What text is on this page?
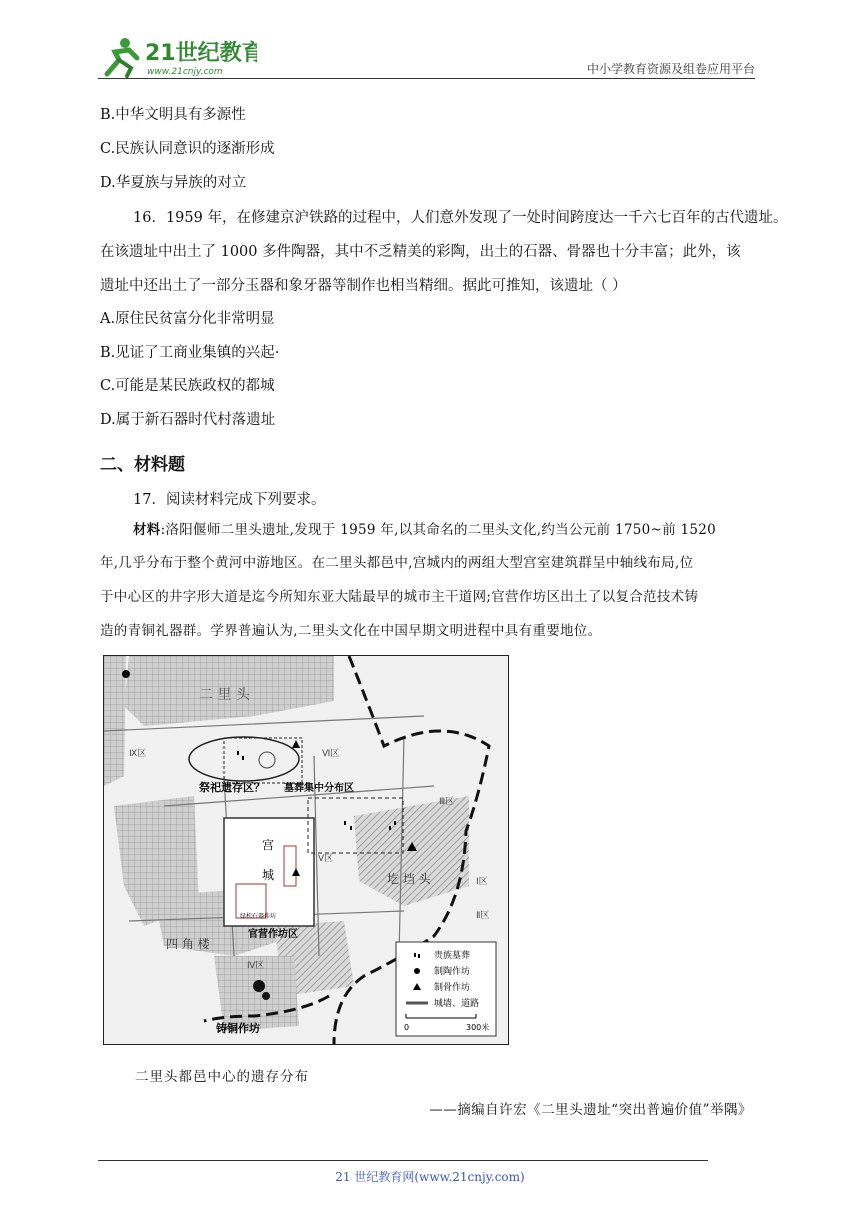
21世纪教育
www.21cnjy.com	中小学教育资源及组卷应用平台
B.中华文明具有多源性
C.民族认同意识的逐渐形成
D.华夏族与异族的对立
16．1959 年，在修建京沪铁路的过程中，人们意外发现了一处时间跨度达一千六七百年的古代遗址。
在该遗址中出土了 1000 多件陶器，其中不乏精美的彩陶，出土的石器、骨器也十分丰富；此外，该
遗址中还出土了一部分玉器和象牙器等制作也相当精细。据此可推知，该遗址（ ）
A.原住民贫富分化非常明显
B.见证了工商业集镇的兴起·
C.可能是某民族政权的都城
D.属于新石器时代村落遗址
二、材料题
17．阅读材料完成下列要求。
材料:洛阳偃师二里头遗址,发现于 1959 年,以其命名的二里头文化,约当公元前 1750~前 1520
年,几乎分布于整个黄河中游地区。在二里头都邑中,宫城内的两组大型宫室建筑群呈中轴线布局,位
于中心区的井字形大道是迄今所知东亚大陆最早的城市主干道网;官营作坊区出土了以复合范技术铸
造的青铜礼器群。学界普遍认为,二里头文化在中国早期文明进程中具有重要地位。
二 里 头
祭祀遗存区？ 墓葬集中分布区
宫
城	圪 垱 头
四 角 楼
官营作坊区
铸铜作坊
绿松石器作坊
Ⅸ区	Ⅵ区
Ⅲ区
Ⅴ区
Ⅱ区
Ⅰ区
Ⅳ区
贵族墓葬
制陶作坊
制骨作坊
城墙、道路
0	300米
二里头都邑中心的遗存分布
——摘编自许宏《二里头遗址“突出普遍价值”举隅》
21 世纪教育网(www.21cnjy.com)
